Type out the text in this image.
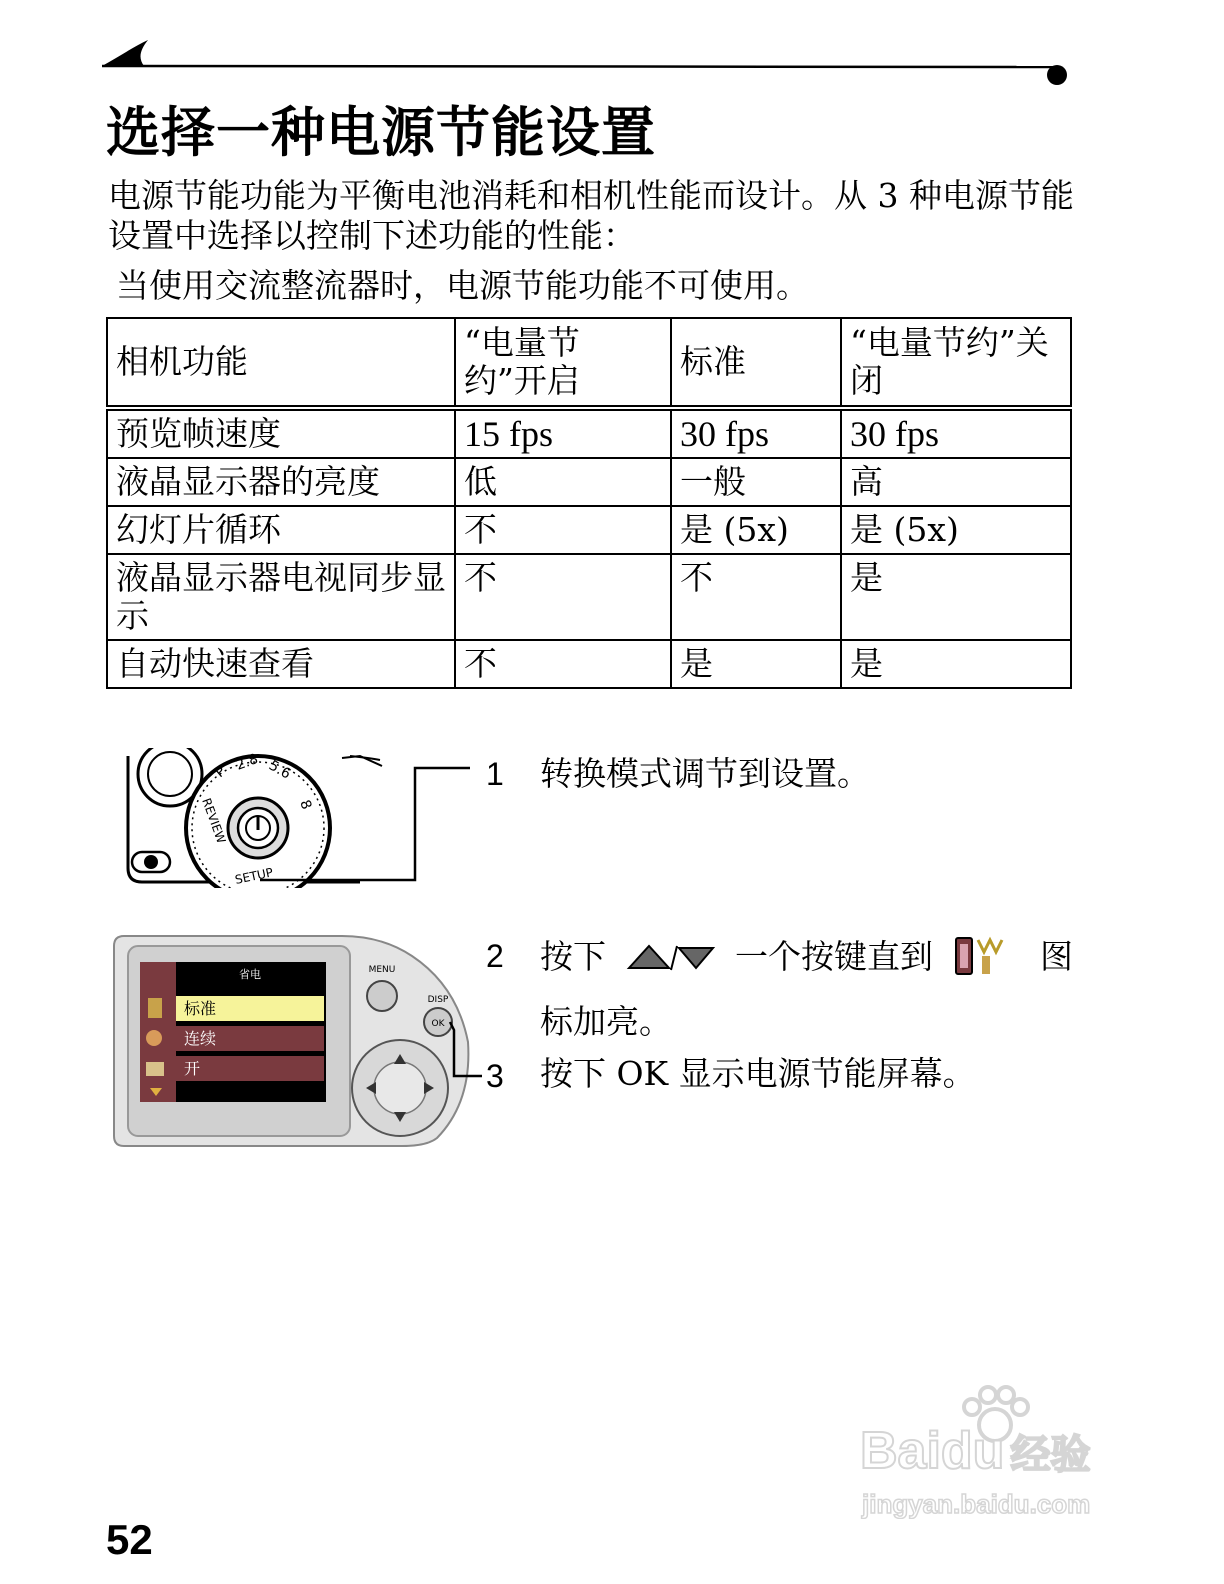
选择一种电源节能设置
电源节能功能为平衡电池消耗和相机性能而设计。从 3 种电源节能设置中选择以控制下述功能的性能：
当使用交流整流器时，电源节能功能不可使用。
相机功能	“电量节约”开启	标准	“电量节约”关闭
预览帧速度	15 fps	30 fps	30 fps
液晶显示器的亮度	低	一般	高
幻灯片循环	不	是 (5x)	是 (5x)
液晶显示器电视同步显示	不	不	是
自动快速查看	不	是	是
2.8 5.6
8
P
REVIEW
SETUP
1 转换模式调节到设置。
省电
标准
连续
开
MENU
OK
DISP
2 按下	一个按键直到	图
标加亮。
3 按下 OK 显示电源节能屏幕。
Baidu 经验
jingyan.baidu.com
52
